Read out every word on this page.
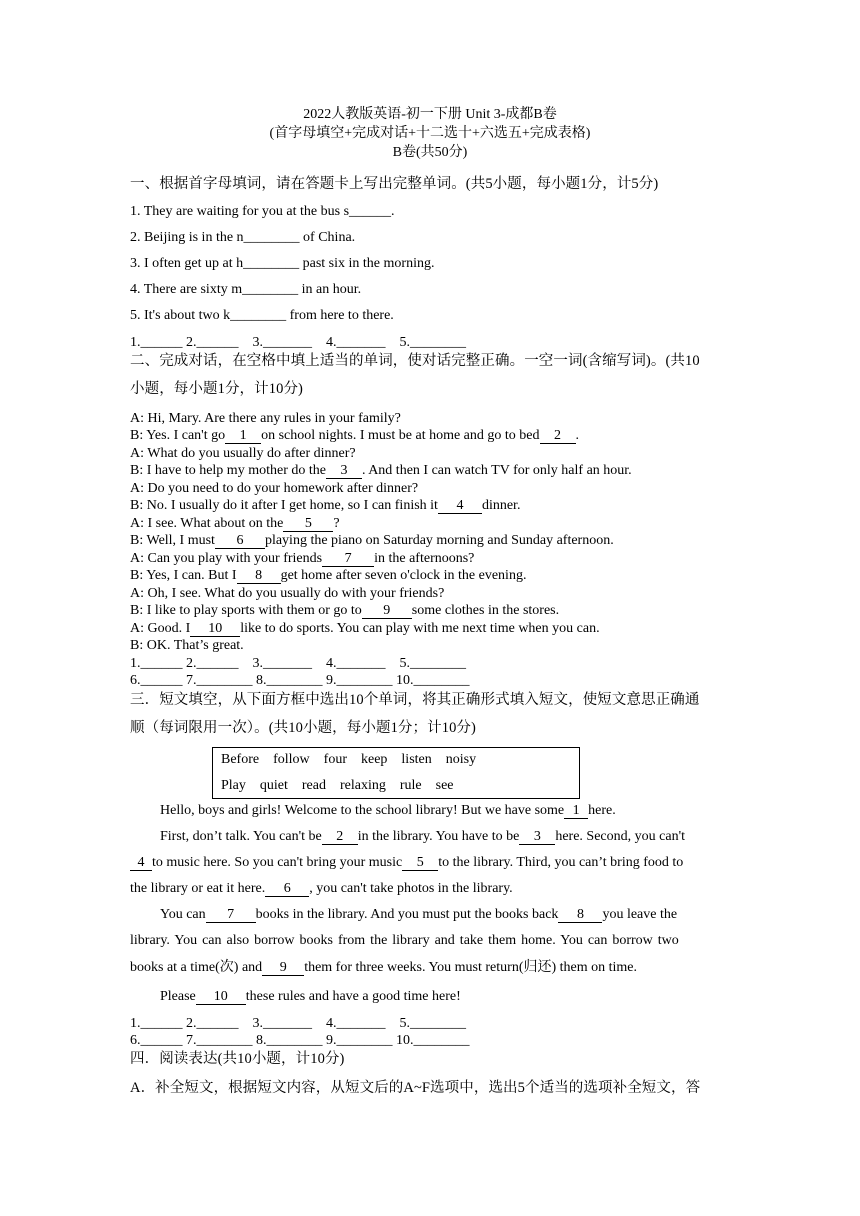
2022人教版英语-初一下册 Unit 3-成都B卷
(首字母填空+完成对话+十二选十+六选五+完成表格)
B卷(共50分)
一、根据首字母填词，请在答题卡上写出完整单词。(共5小题，每小题1分，计5分)
1. They are waiting for you at the bus s______.
2. Beijing is in the n________ of China.
3. I often get up at h________ past six in the morning.
4. There are sixty m________ in an hour.
5. It's about two k________ from here to there.
1.______ 2.______    3._______    4._______    5.________
二、完成对话，在空格中填上适当的单词，使对话完整正确。一空一词(含缩写词)。(共10
小题，每小题1分，计10分)
A: Hi, Mary. Are there any rules in your family?
B: Yes. I can't go 1 on school nights. I must be at home and go to bed 2 .
A: What do you usually do after dinner?
B: I have to help my mother do the 3 . And then I can watch TV for only half an hour.
A: Do you need to do your homework after dinner?
B: No. I usually do it after I get home, so I can finish it 4 dinner.
A: I see. What about on the 5 ?
B: Well, I must 6 playing the piano on Saturday morning and Sunday afternoon.
A: Can you play with your friends 7 in the afternoons?
B: Yes, I can. But I 8 get home after seven o'clock in the evening.
A: Oh, I see. What do you usually do with your friends?
B: I like to play sports with them or go to 9 some clothes in the stores.
A: Good. I 10 like to do sports. You can play with me next time when you can.
B: OK. That’s great.
1.______ 2.______    3._______    4._______    5.________
6.______ 7.________ 8.________ 9.________ 10.________
三．短文填空，从下面方框中选出10个单词，将其正确形式填入短文，使短文意思正确通
顺（每词限用一次）。(共10小题，每小题1分；计10分)
Before follow four keep listen noisy
Play quiet read relaxing rule see
Hello, boys and girls! Welcome to the school library! But we have some 1 here.
First, don’t talk. You can't be 2 in the library. You have to be 3 here. Second, you can't
4 to music here. So you can't bring your music 5 to the library. Third, you can’t bring food to
the library or eat it here. 6 , you can't take photos in the library.
You can 7 books in the library. And you must put the books back 8 you leave the
library. You can also borrow books from the library and take them home. You can borrow two
books at a time(次) and 9 them for three weeks. You must return(归还) them on time.
Please 10 these rules and have a good time here!
1.______ 2.______    3._______    4._______    5.________
6.______ 7.________ 8.________ 9.________ 10.________
四．阅读表达(共10小题，计10分)
A．补全短文，根据短文内容，从短文后的A~F选项中，选出5个适当的选项补全短文，答
